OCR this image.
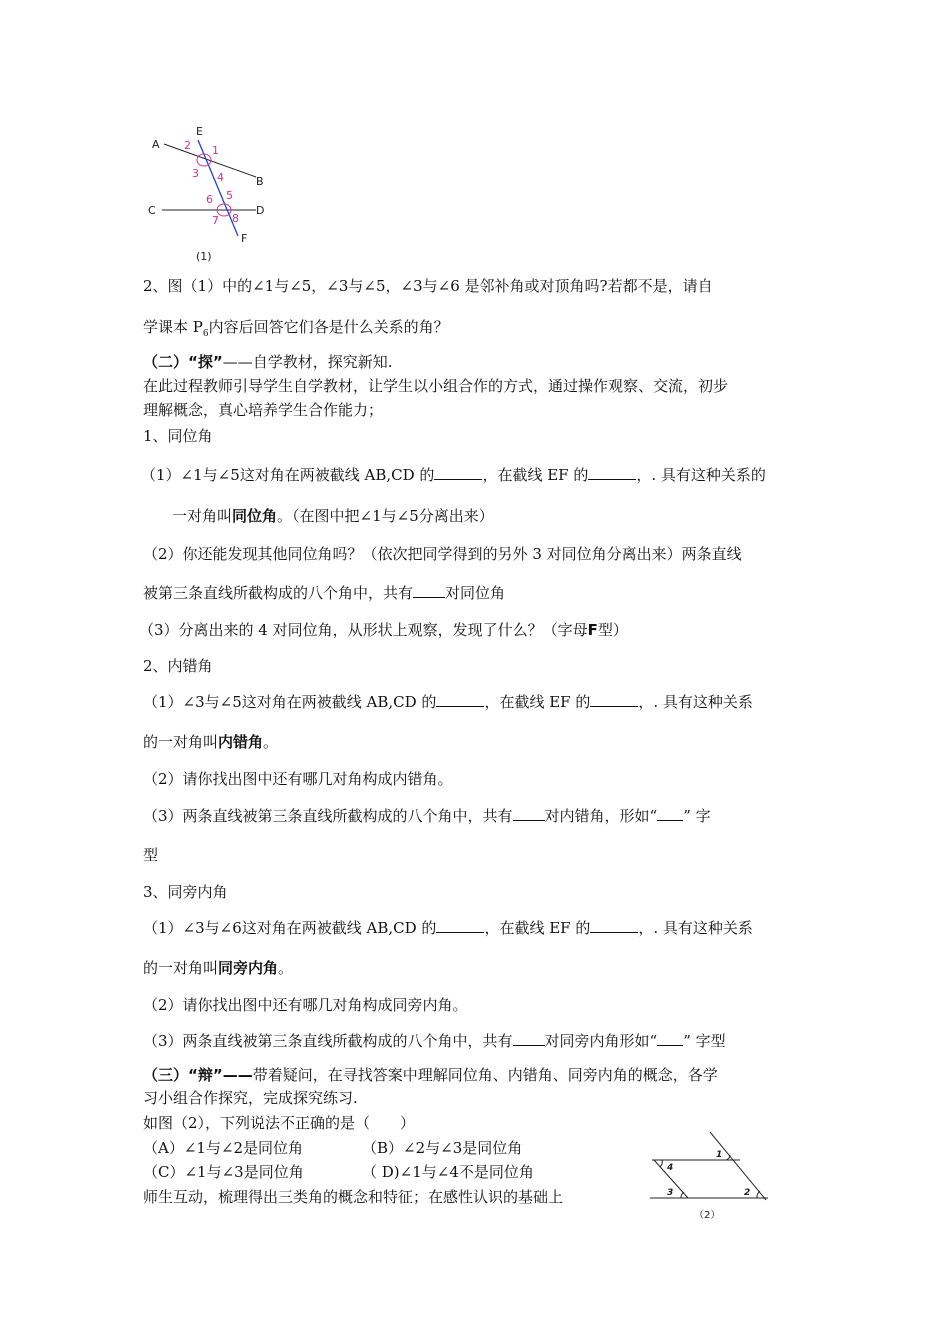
A
E
B
C	D
F
1
2
3 4
5
6
7 8
(1)
2、图（1）中的∠1与∠5，∠3与∠5，∠3与∠6 是邻补角或对顶角吗?若都不是，请自
学课本 $P_6$内容后回答它们各是什么关系的角？
（二）“探”——自学教材，探究新知.
在此过程教师引导学生自学教材，让学生以小组合作的方式，通过操作观察、交流，初步
理解概念，真心培养学生合作能力；
1、同位角
（1）∠1与∠5这对角在两被截线 AB,CD 的	，在截线 EF 的	，. 具有这种关系的
一对角叫同位角。（在图中把∠1与∠5分离出来）
（2）你还能发现其他同位角吗？（依次把同学得到的另外 3 对同位角分离出来）两条直线
被第三条直线所截构成的八个角中，共有 对同位角
（3）分离出来的 4 对同位角，从形状上观察，发现了什么？（字母F型）
2、内错角
（1）∠3与∠5这对角在两被截线 AB,CD 的	，在截线 EF 的	，. 具有这种关系
的一对角叫内错角。
（2）请你找出图中还有哪几对角构成内错角。
（3）两条直线被第三条直线所截构成的八个角中，共有 对内错角，形如“ ” 字
型
3、同旁内角
（1）∠3与∠6这对角在两被截线 AB,CD 的	，在截线 EF 的	，. 具有这种关系
的一对角叫同旁内角。
（2）请你找出图中还有哪几对角构成同旁内角。
（3）两条直线被第三条直线所截构成的八个角中，共有 对同旁内角形如“ ” 字型
（三）“辩”——带着疑问，在寻找答案中理解同位角、内错角、同旁内角的概念，各学
习小组合作探究，完成探究练习.
如图（2），下列说法不正确的是（　　）
（A）∠1与∠2是同位角	（B）∠2与∠3是同位角
（C）∠1与∠3是同位角	（ D)∠1与∠4不是同位角
师生互动，梳理得出三类角的概念和特征；在感性认识的基础上
1
2
3
4
（2）
